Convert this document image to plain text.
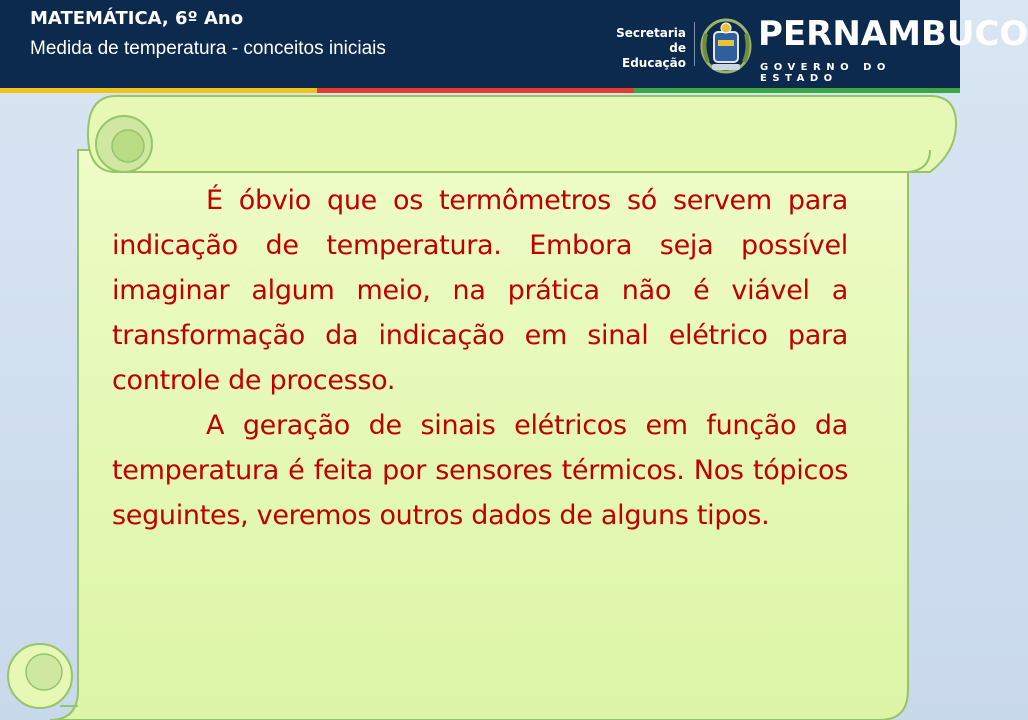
MATEMÁTICA, 6º Ano
Medida de temperatura - conceitos iniciais
Secretaria de
Educação
PERNAMBUCO
GOVERNO DO ESTADO

É óbvio que os termômetros só servem para indicação de temperatura. Embora seja possível imaginar algum meio, na prática não é viável a transformação da indicação em sinal elétrico para controle de processo.

A geração de sinais elétricos em função da temperatura é feita por sensores térmicos. Nos tópicos seguintes, veremos outros dados de alguns tipos.
